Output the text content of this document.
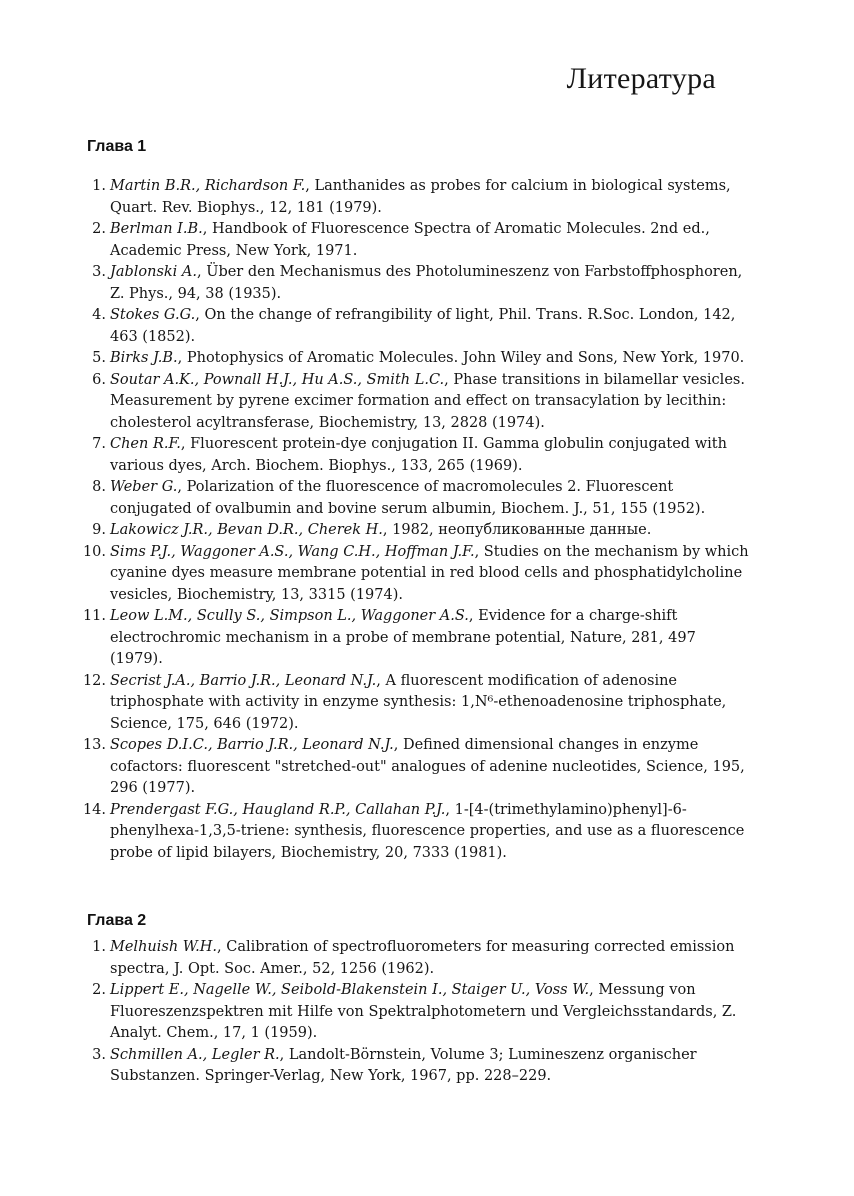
Литература
Глава 1
1. Martin B.R., Richardson F., Lanthanides as probes for calcium in biological systems, Quart. Rev. Biophys., 12, 181 (1979).
2. Berlman I.B., Handbook of Fluorescence Spectra of Aromatic Molecules. 2nd ed., Academic Press, New York, 1971.
3. Jablonski A., Über den Mechanismus des Photolumineszenz von Farbstoffphosphoren, Z. Phys., 94, 38 (1935).
4. Stokes G.G., On the change of refrangibility of light, Phil. Trans. R.Soc. London, 142, 463 (1852).
5. Birks J.B., Photophysics of Aromatic Molecules. John Wiley and Sons, New York, 1970.
6. Soutar A.K., Pownall H.J., Hu A.S., Smith L.C., Phase transitions in bilamellar vesicles. Measurement by pyrene excimer formation and effect on transacylation by lecithin: cholesterol acyltransferase, Biochemistry, 13, 2828 (1974).
7. Chen R.F., Fluorescent protein-dye conjugation II. Gamma globulin conjugated with various dyes, Arch. Biochem. Biophys., 133, 265 (1969).
8. Weber G., Polarization of the fluorescence of macromolecules 2. Fluorescent conjugated of ovalbumin and bovine serum albumin, Biochem. J., 51, 155 (1952).
9. Lakowicz J.R., Bevan D.R., Cherek H., 1982, неопубликованные данные.
10. Sims P.J., Waggoner A.S., Wang C.H., Hoffman J.F., Studies on the mechanism by which cyanine dyes measure membrane potential in red blood cells and phosphatidylcholine vesicles, Biochemistry, 13, 3315 (1974).
11. Leow L.M., Scully S., Simpson L., Waggoner A.S., Evidence for a charge-shift electrochromic mechanism in a probe of membrane potential, Nature, 281, 497 (1979).
12. Secrist J.A., Barrio J.R., Leonard N.J., A fluorescent modification of adenosine triphosphate with activity in enzyme synthesis: 1,N⁶-ethenoadenosine triphosphate, Science, 175, 646 (1972).
13. Scopes D.I.C., Barrio J.R., Leonard N.J., Defined dimensional changes in enzyme cofactors: fluorescent "stretched-out" analogues of adenine nucleotides, Science, 195, 296 (1977).
14. Prendergast F.G., Haugland R.P., Callahan P.J., 1-[4-(trimethylamino)phenyl]-6-phenylhexa-1,3,5-triene: synthesis, fluorescence properties, and use as a fluorescence probe of lipid bilayers, Biochemistry, 20, 7333 (1981).
Глава 2
1. Melhuish W.H., Calibration of spectrofluorometers for measuring corrected emission spectra, J. Opt. Soc. Amer., 52, 1256 (1962).
2. Lippert E., Nagelle W., Seibold-Blakenstein I., Staiger U., Voss W., Messung von Fluoreszenzspektren mit Hilfe von Spektralphotometern und Vergleichsstandards, Z. Analyt. Chem., 17, 1 (1959).
3. Schmillen A., Legler R., Landolt-Börnstein, Volume 3; Lumineszenz organischer Substanzen. Springer-Verlag, New York, 1967, pp. 228–229.
